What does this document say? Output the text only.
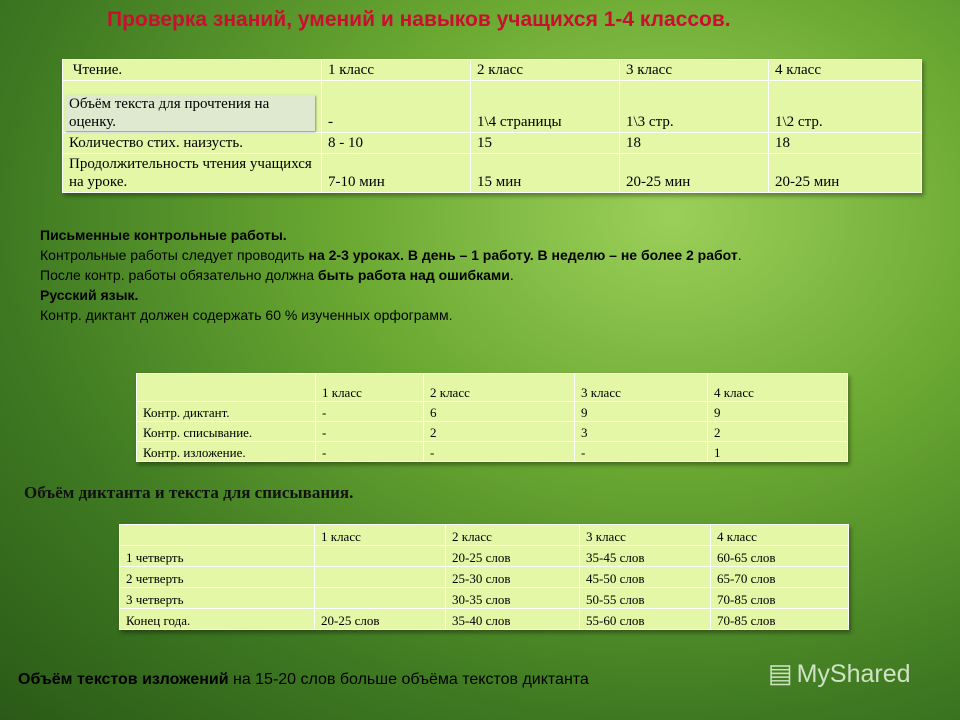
Проверка знаний, умений и навыков учащихся 1-4 классов.
Чтение.	1 класс	2 класс	3 класс	4 класс
Объём текста для прочтения на оценку.	-	1\4 страницы	1\3 стр.	1\2 стр.
Количество стих. наизусть.	8 - 10	15	18	18
Продолжительность чтения учащихся на уроке.	7-10 мин	15 мин	20-25 мин	20-25 мин

Письменные контрольные работы.

Контрольные работы следует проводить на 2-3 уроках. В день – 1 работу. В неделю – не более 2 работ.

После контр. работы обязательно должна быть работа над ошибками.

Русский язык.

Контр. диктант должен содержать 60 % изученных орфограмм.

	1 класс	2 класс	3 класс	4 класс
Контр. диктант.	-	6	9	9
Контр. списывание.	-	2	3	2
Контр. изложение.	-	-	-	1
Объём диктанта и текста для списывания.
	1 класс	2 класс	3 класс	4 класс
1 четверть		20-25 слов	35-45 слов	60-65 слов
2 четверть		25-30 слов	45-50 слов	65-70 слов
3 четверть		30-35 слов	50-55 слов	70-85 слов
Конец года.	20-25 слов	35-40 слов	55-60 слов	70-85 слов
Объём текстов изложений на 15-20 слов больше объёма текстов диктанта	▤ MyShared
